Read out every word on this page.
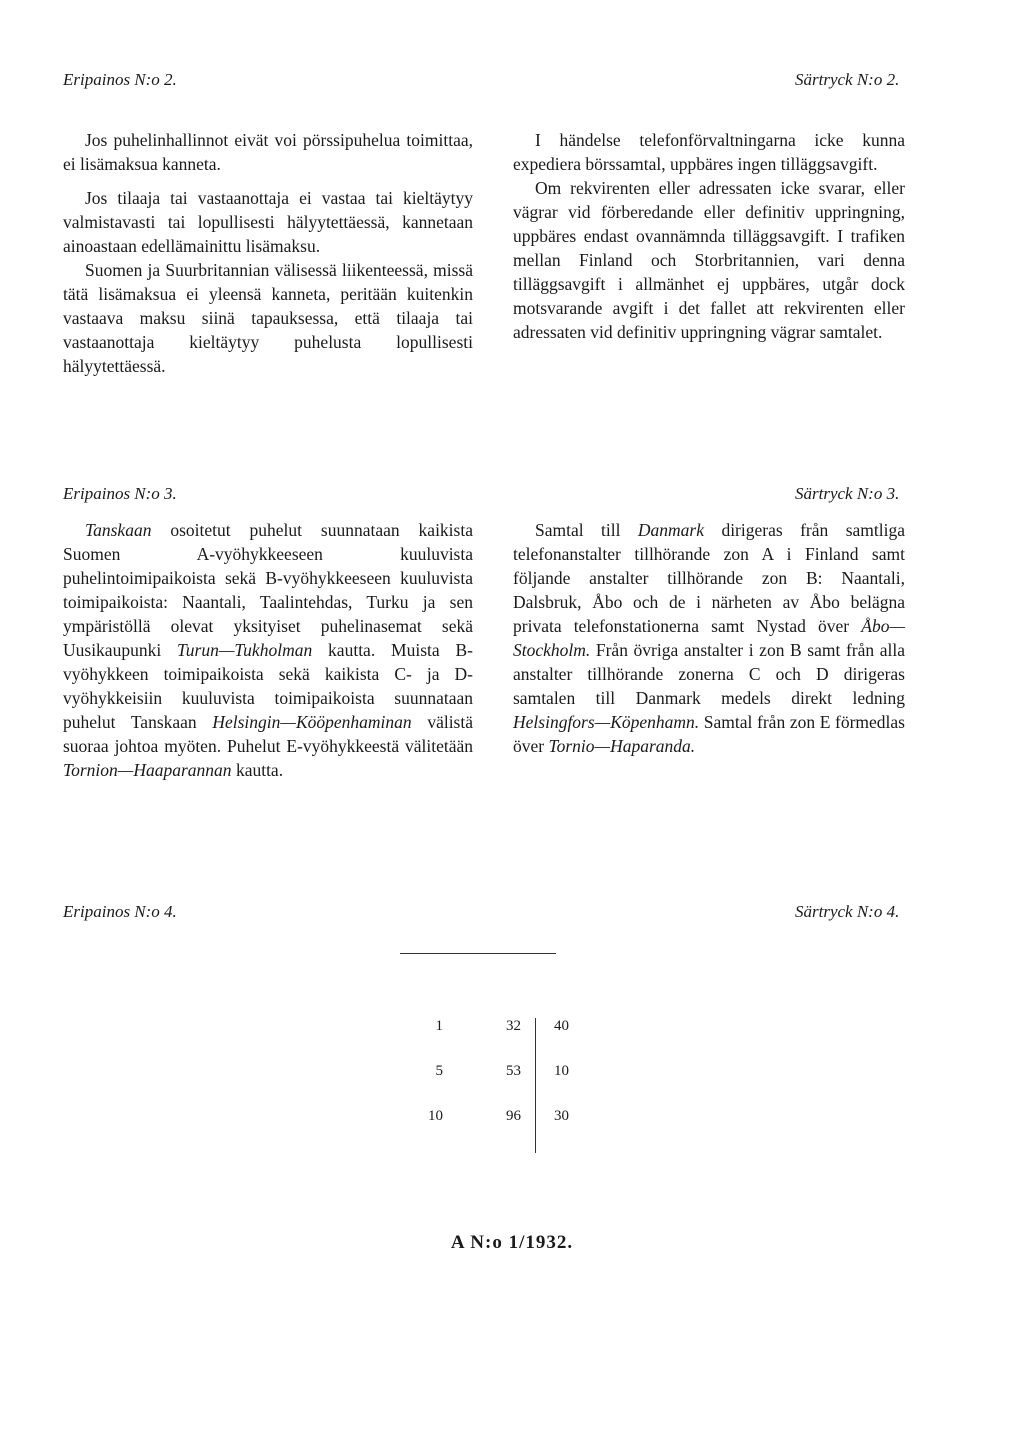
Eripainos N:o 2.	Särtryck N:o 2.

Jos puhelinhallinnot eivät voi pörssipuhelua toimittaa, ei lisämaksua kanneta.

Jos tilaaja tai vastaanottaja ei vastaa tai kieltäytyy valmistavasti tai lopullisesti hälyytettäessä, kannetaan ainoastaan edellämainittu lisämaksu.

Suomen ja Suurbritannian välisessä liikenteessä, missä tätä lisämaksua ei yleensä kanneta, peritään kuitenkin vastaava maksu siinä tapauksessa, että tilaaja tai vastaanottaja kieltäytyy puhelusta lopullisesti hälyytettäessä.

I händelse telefonförvaltningarna icke kunna expediera börssamtal, uppbäres ingen tilläggsavgift.

Om rekvirenten eller adressaten icke svarar, eller vägrar vid förberedande eller definitiv uppringning, uppbäres endast ovannämnda tilläggsavgift. I trafiken mellan Finland och Storbritannien, vari denna tilläggsavgift i allmänhet ej uppbäres, utgår dock motsvarande avgift i det fallet att rekvirenten eller adressaten vid definitiv uppringning vägrar samtalet.

Eripainos N:o 3.	Särtryck N:o 3.

Tanskaan osoitetut puhelut suunnataan kaikista Suomen A-vyöhykkeeseen kuuluvista puhelintoimipaikoista sekä B-vyöhykkeeseen kuuluvista toimipaikoista: Naantali, Taalintehdas, Turku ja sen ympäristöllä olevat yksityiset puhelinasemat sekä Uusikaupunki Turun—Tukholman kautta. Muista B-vyöhykkeen toimipaikoista sekä kaikista C- ja D-vyöhykkeisiin kuuluvista toimipaikoista suunnataan puhelut Tanskaan Helsingin—Kööpenhaminan välistä suoraa johtoa myöten. Puhelut E-vyöhykkeestä välitetään Tornion—Haaparannan kautta.

Samtal till Danmark dirigeras från samtliga telefonanstalter tillhörande zon A i Finland samt följande anstalter tillhörande zon B: Naantali, Dalsbruk, Åbo och de i närheten av Åbo belägna privata telefonstationerna samt Nystad över Åbo—Stockholm. Från övriga anstalter i zon B samt från alla anstalter tillhörande zonerna C och D dirigeras samtalen till Danmark medels direkt ledning Helsingfors—Köpenhamn. Samtal från zon E förmedlas över Tornio—Haparanda.

Eripainos N:o 4.	Särtryck N:o 4.
1	32	40
5	53	10
10	96	30
A N:o 1/1932.
